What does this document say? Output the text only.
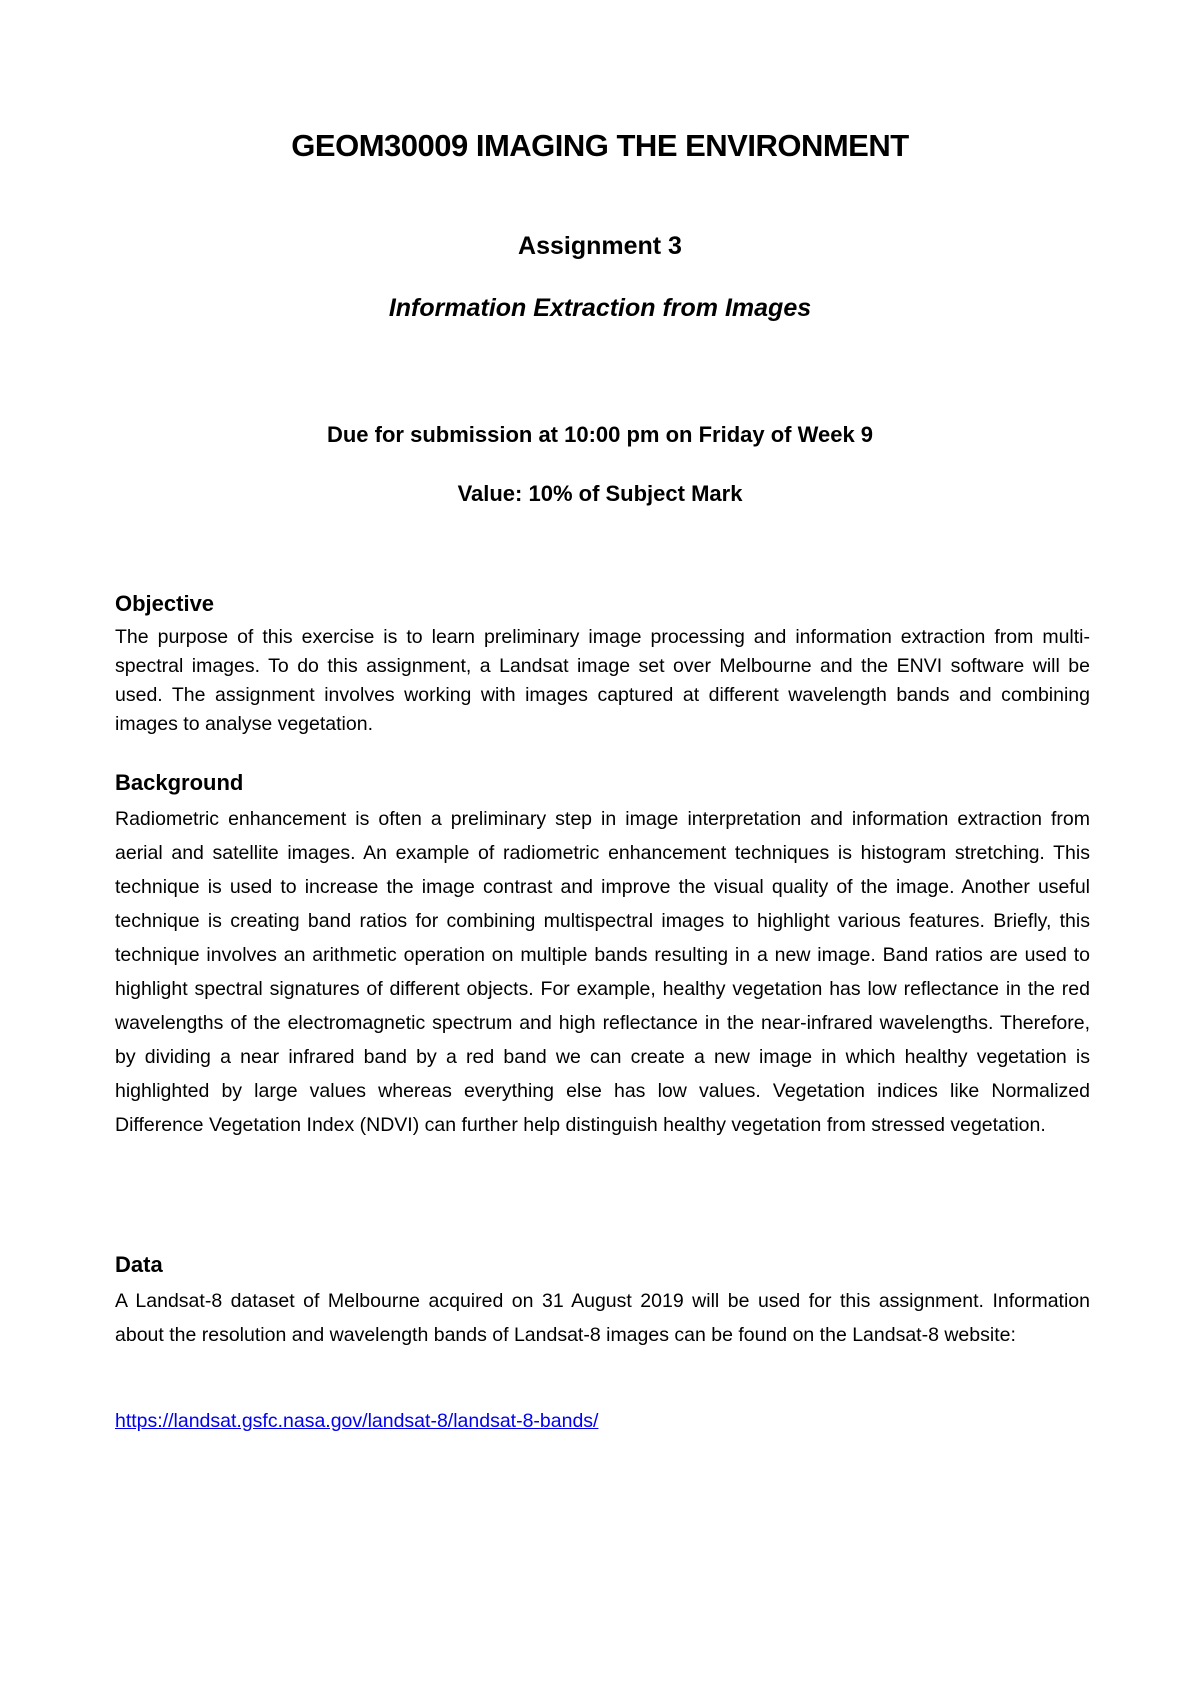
GEOM30009 IMAGING THE ENVIRONMENT
Assignment 3
Information Extraction from Images
Due for submission at 10:00 pm on Friday of Week 9
Value: 10% of Subject Mark
Objective

The purpose of this exercise is to learn preliminary image processing and information extraction from multi-spectral images. To do this assignment, a Landsat image set over Melbourne and the ENVI software will be used. The assignment involves working with images captured at different wavelength bands and combining images to analyse vegetation.

Background

Radiometric enhancement is often a preliminary step in image interpretation and information extraction from aerial and satellite images. An example of radiometric enhancement techniques is histogram stretching. This technique is used to increase the image contrast and improve the visual quality of the image. Another useful technique is creating band ratios for combining multispectral images to highlight various features. Briefly, this technique involves an arithmetic operation on multiple bands resulting in a new image. Band ratios are used to highlight spectral signatures of different objects. For example, healthy vegetation has low reflectance in the red wavelengths of the electromagnetic spectrum and high reflectance in the near-infrared wavelengths. Therefore, by dividing a near infrared band by a red band we can create a new image in which healthy vegetation is highlighted by large values whereas everything else has low values. Vegetation indices like Normalized Difference Vegetation Index (NDVI) can further help distinguish healthy vegetation from stressed vegetation.

Data

A Landsat-8 dataset of Melbourne acquired on 31 August 2019 will be used for this assignment. Information about the resolution and wavelength bands of Landsat-8 images can be found on the Landsat-8 website:

https://landsat.gsfc.nasa.gov/landsat-8/landsat-8-bands/
